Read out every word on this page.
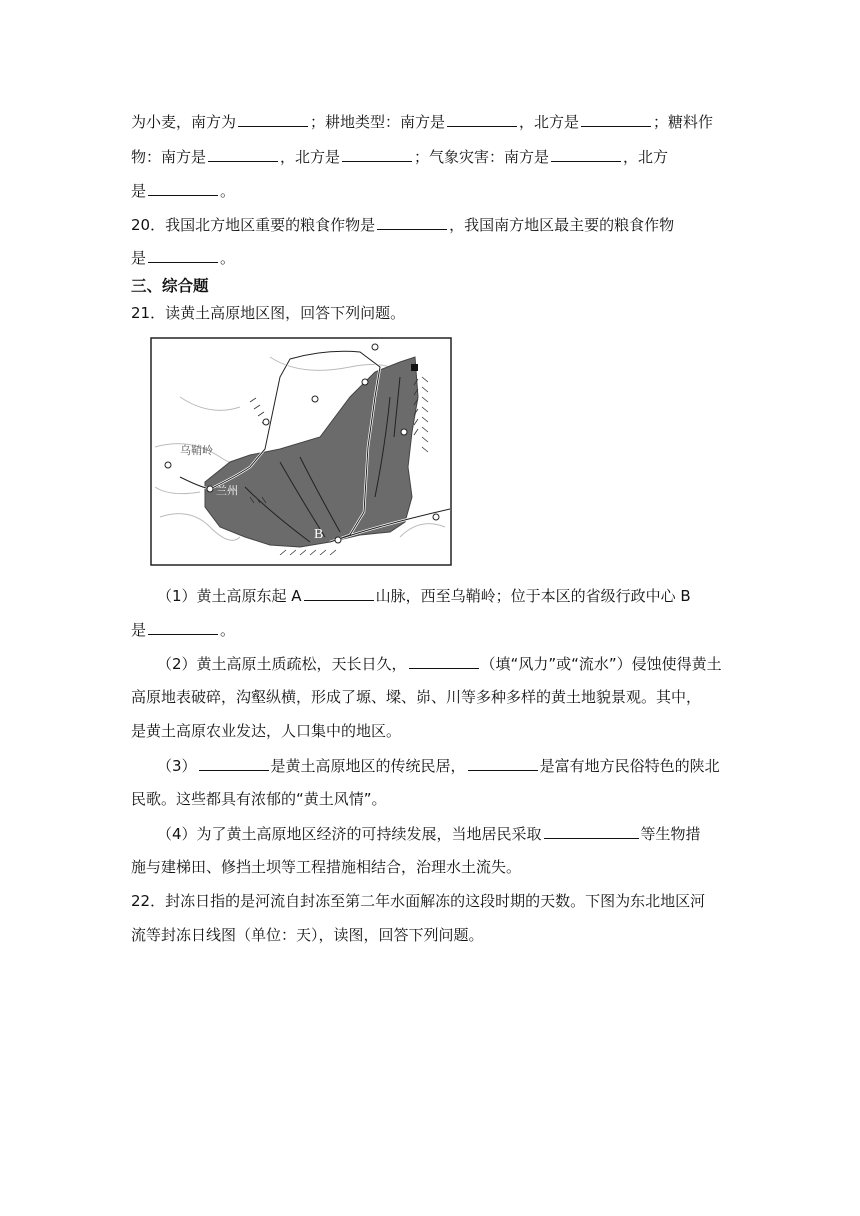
为小麦，南方为	；耕地类型：南方是	，北方是	；糖料作
物：南方是	，北方是	；气象灾害：南方是	，北方
是	。
20．我国北方地区重要的粮食作物是	，我国南方地区最主要的粮食作物
是	。
三、综合题
21．读黄土高原地区图，回答下列问题。
A
B
乌鞘岭
兰州
（1）黄土高原东起 A	山脉，西至乌鞘岭；位于本区的省级行政中心 B
是	。
（2）黄土高原土质疏松，天长日久，	（填“风力”或“流水”）侵蚀使得黄土
高原地表破碎，沟壑纵横，形成了塬、墚、峁、川等多种多样的黄土地貌景观。其中，
是黄土高原农业发达，人口集中的地区。
（3）	是黄土高原地区的传统民居，	是富有地方民俗特色的陕北
民歌。这些都具有浓郁的“黄土风情”。
（4）为了黄土高原地区经济的可持续发展，当地居民采取	等生物措
施与建梯田、修挡土坝等工程措施相结合，治理水土流失。
22．封冻日指的是河流自封冻至第二年水面解冻的这段时期的天数。下图为东北地区河
流等封冻日线图（单位：天），读图，回答下列问题。
